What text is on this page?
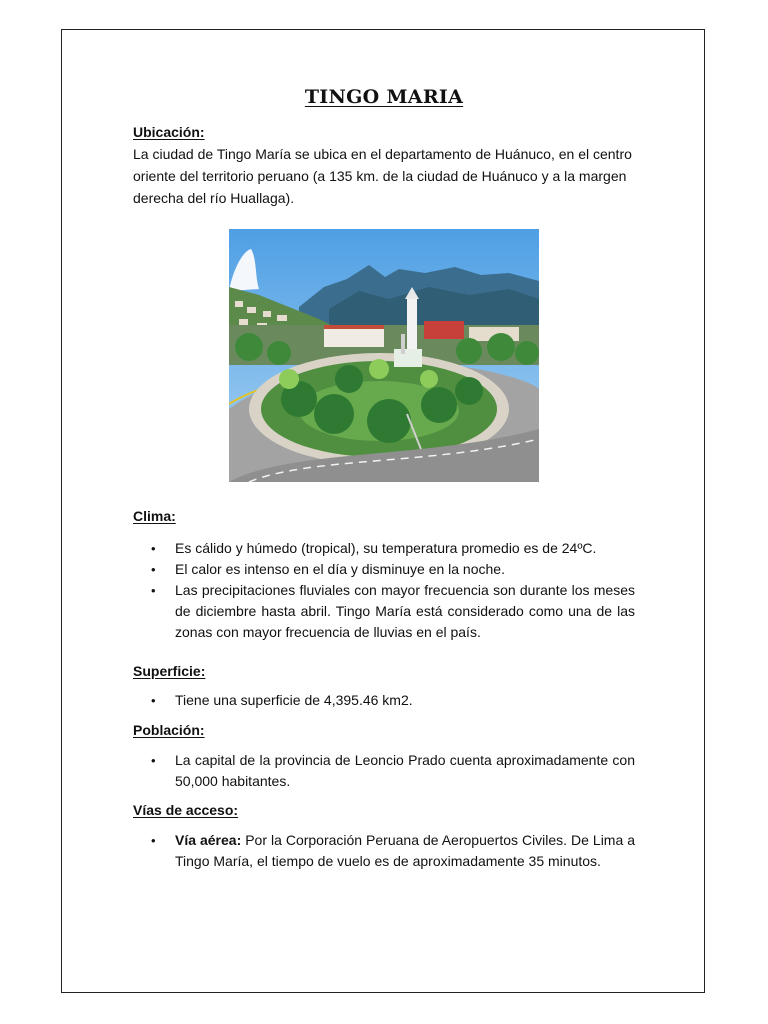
TINGO MARIA
Ubicación:

La ciudad de Tingo María se ubica en el departamento de Huánuco, en el centro oriente del territorio peruano (a 135 km. de la ciudad de Huánuco y a la margen derecha del río Huallaga).

Clima:
• Es cálido y húmedo (tropical), su temperatura promedio es de 24ºC.
• El calor es intenso en el día y disminuye en la noche.
• Las precipitaciones fluviales con mayor frecuencia son durante los meses de diciembre hasta abril. Tingo María está considerado como una de las zonas con mayor frecuencia de lluvias en el país.
Superficie:
• Tiene una superficie de 4,395.46 km2.
Población:
• La capital de la provincia de Leoncio Prado cuenta aproximadamente con 50,000 habitantes.
Vías de acceso:
• Vía aérea: Por la Corporación Peruana de Aeropuertos Civiles. De Lima a Tingo María, el tiempo de vuelo es de aproximadamente 35 minutos.
